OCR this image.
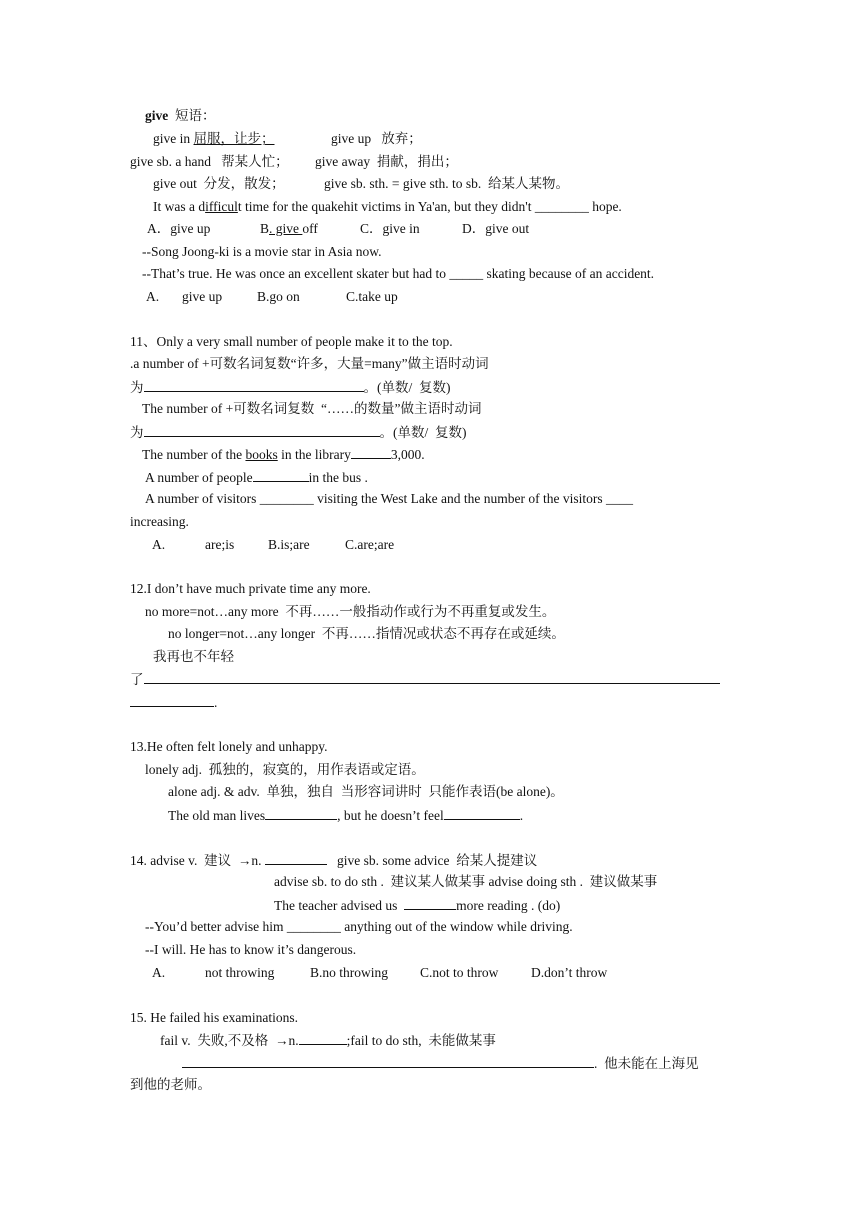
give 短语：
give in 屈服，让步；	give up   放弃；
give sb. a hand   帮某人忙； give away  捐献，捐出；
give out  分发，散发；	give sb. sth. = give sth. to sb.  给某人某物。
It was a difficult time for the quakehit victims in Ya'an, but they didn't ________ hope.
A．give up	B. give off	C．give in	D．give out
--Song Joong-ki is a movie star in Asia now.
--That’s true. He was once an excellent skater but had to _____ skating because of an accident.
A. give up	B.go on	C.take up
11、Only a very small number of people make it to the top.
.a number of +可数名词复数“许多，大量=many”做主语时动词
为	。(单数/  复数)
The number of +可数名词复数  “……的数量”做主语时动词
为	。(单数/  复数)
The number of the books in the library	3,000.
A number of people	in the bus .
A number of visitors ________ visiting the West Lake and the number of the visitors ____
increasing.
A.	are;is	B.is;are	C.are;are
12.I don’t have much private time any more.
no more=not…any more  不再……一般指动作或行为不再重复或发生。
no longer=not…any longer  不再……指情况或状态不再存在或延续。
我再也不年轻
了
.
13.He often felt lonely and unhappy.
lonely adj.  孤独的，寂寞的，用作表语或定语。
alone adj. & adv.  单独，独自  当形容词讲时  只能作表语(be alone)。
The old man lives	, but he doesn’t feel	.
14. advise v.  建议  →n.	give sb. some advice  给某人提建议
advise sb. to do sth .  建议某人做某事 advise doing sth .  建议做某事
The teacher advised us	more reading . (do)
--You’d better advise him ________ anything out of the window while driving.
--I will. He has to know it’s dangerous.
A.	not throwing	B.no throwing C.not to throw D.don’t throw
15. He failed his examinations.
fail v.  失败,不及格  →n.	;fail to do sth,  未能做某事
.  他未能在上海见
到他的老师。
